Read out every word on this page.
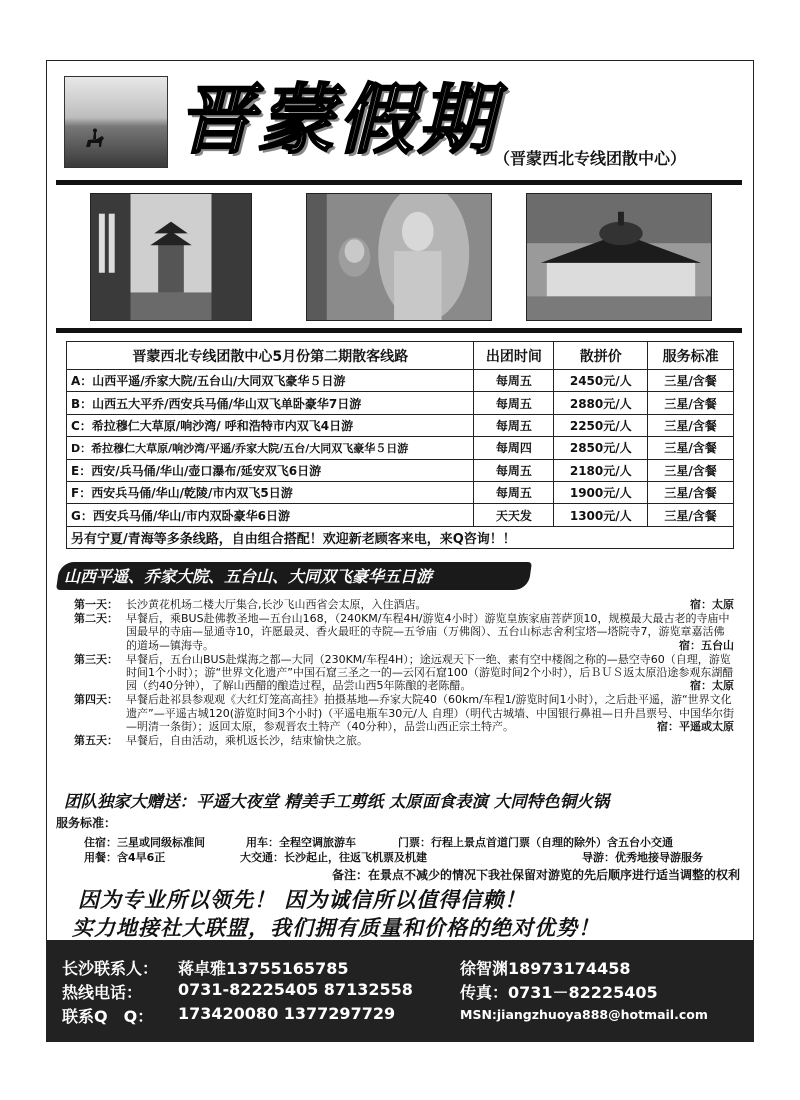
晋蒙假期
（晋蒙西北专线团散中心）
晋蒙西北专线团散中心5月份第二期散客线路	出团时间	散拼价	服务标准
A：山西平遥/乔家大院/五台山/大同双飞豪华５日游	每周五	2450元/人	三星/含餐
B：山西五大平乔/西安兵马俑/华山双飞单卧豪华7日游	每周五	2880元/人	三星/含餐
C：希拉穆仁大草原/响沙湾/ 呼和浩特市内双飞4日游	每周五	2250元/人	三星/含餐
D：希拉穆仁大草原/响沙湾/平遥/乔家大院/五台/大同双飞豪华５日游	每周四	2850元/人	三星/含餐
E：西安/兵马俑/华山/壶口瀑布/延安双飞6日游	每周五	2180元/人	三星/含餐
F：西安兵马俑/华山/乾陵/市内双飞5日游	每周五	1900元/人	三星/含餐
G：西安兵马俑/华山/市内双卧豪华6日游	天天发	1300元/人	三星/含餐
另有宁夏/青海等多条线路，自由组合搭配！欢迎新老顾客来电，来Q咨询！！			
山西平遥、乔家大院、五台山、大同双飞豪华五日游
第一天： 长沙黄花机场二楼大厅集合,长沙飞山西省会太原，入住酒店。	宿：太原
第二天： 早餐后，乘BUS赴佛教圣地—五台山168，（240KM/车程4H/游览4小时）游览皇族家庙菩萨顶10，规模最大最古老的寺庙中国最早的寺庙—显通寺10，许愿最灵、香火最旺的寺院—五爷庙（万佛阁）、五台山标志舍利宝塔—塔院寺7，游览章嘉活佛的道场—镇海寺。	宿：五台山
第三天： 早餐后，五台山BUS赴煤海之都—大同（230KM/车程4H）；途远观天下一绝、素有空中楼阁之称的—悬空寺60（自理，游览时间1个小时）；游“世界文化遗产”中国石窟三圣之一的—云冈石窟100（游览时间2个小时），后ＢＵＳ返太原沿途参观东湖醋园（约40分钟），了解山西醋的酿造过程，品尝山西5年陈酿的老陈醋。	宿：太原
第四天： 早餐后赴祁县参观观《大红灯笼高高挂》拍摄基地—乔家大院40（60km/车程1/游览时间1小时），之后赴平遥，游“世界文化遗产”—平遥古城120(游览时间3个小时)（平遥电瓶车30元/人 自理）（明代古城墙、中国银行鼻祖—日升昌票号、中国华尔街—明清一条街）；返回太原，参观晋农土特产（40分种），品尝山西正宗土特产。	宿：平遥或太原
第五天： 早餐后，自由活动，乘机返长沙，结束愉快之旅。
团队独家大赠送：平遥大夜堂 精美手工剪纸 太原面食表演 大同特色铜火锅
服务标准：
住宿：三星或同级标准间	用车：全程空调旅游车	门票：行程上景点首道门票（自理的除外）含五台小交通
用餐：含4早6正	大交通：长沙起止，往返飞机票及机建	导游：优秀地接导游服务
备注：在景点不减少的情况下我社保留对游览的先后顺序进行适当调整的权利
因为专业所以领先！ 因为诚信所以值得信赖！
实力地接社大联盟，我们拥有质量和价格的绝对优势！
长沙联系人： 蒋卓雅13755165785	徐智渊18973174458
热线电话： 0731-82225405 87132558	传真：0731－82225405
联系Q　Q： 173420080 1377297729	MSN:jiangzhuoya888@hotmail.com
